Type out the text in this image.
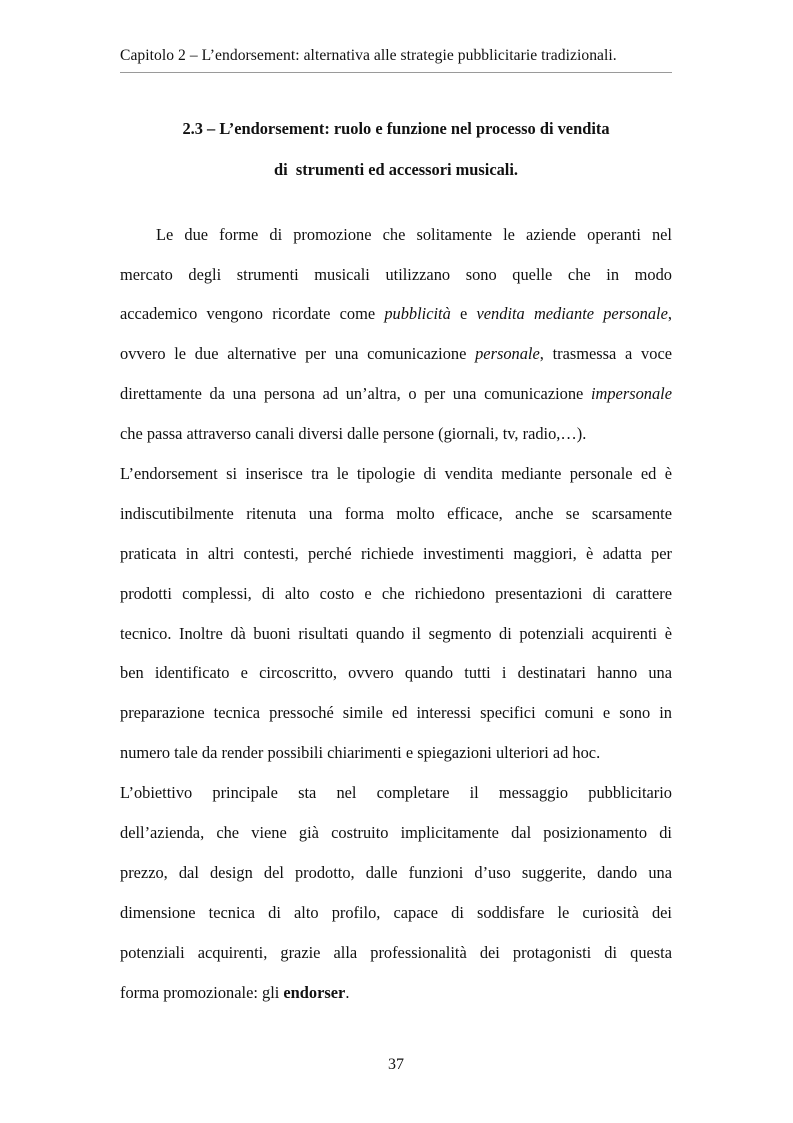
Capitolo 2 – L’endorsement: alternativa alle strategie pubblicitarie tradizionali.
2.3 – L’endorsement: ruolo e funzione nel processo di vendita
di  strumenti ed accessori musicali.
Le due forme di promozione che solitamente le aziende operanti nel
mercato degli strumenti musicali utilizzano sono quelle che in modo
accademico vengono ricordate come pubblicità e vendita mediante personale,
ovvero le due alternative per una comunicazione personale, trasmessa a voce
direttamente da una persona ad un’altra, o per una comunicazione impersonale
che passa attraverso canali diversi dalle persone (giornali, tv, radio,…).
L’endorsement si inserisce tra le tipologie di vendita mediante personale ed è
indiscutibilmente ritenuta una forma molto efficace, anche se scarsamente
praticata in altri contesti, perché richiede investimenti maggiori, è adatta per
prodotti complessi, di alto costo e che richiedono presentazioni di carattere
tecnico. Inoltre dà buoni risultati quando il segmento di potenziali acquirenti è
ben identificato e circoscritto, ovvero quando tutti i destinatari hanno una
preparazione tecnica pressoché simile ed interessi specifici comuni e sono in
numero tale da render possibili chiarimenti e spiegazioni ulteriori ad hoc.
L’obiettivo principale sta nel completare il messaggio pubblicitario
dell’azienda, che viene già costruito implicitamente dal posizionamento di
prezzo, dal design del prodotto, dalle funzioni d’uso suggerite, dando una
dimensione tecnica di alto profilo, capace di soddisfare le curiosità dei
potenziali acquirenti, grazie alla professionalità dei protagonisti di questa
forma promozionale: gli endorser.
37
